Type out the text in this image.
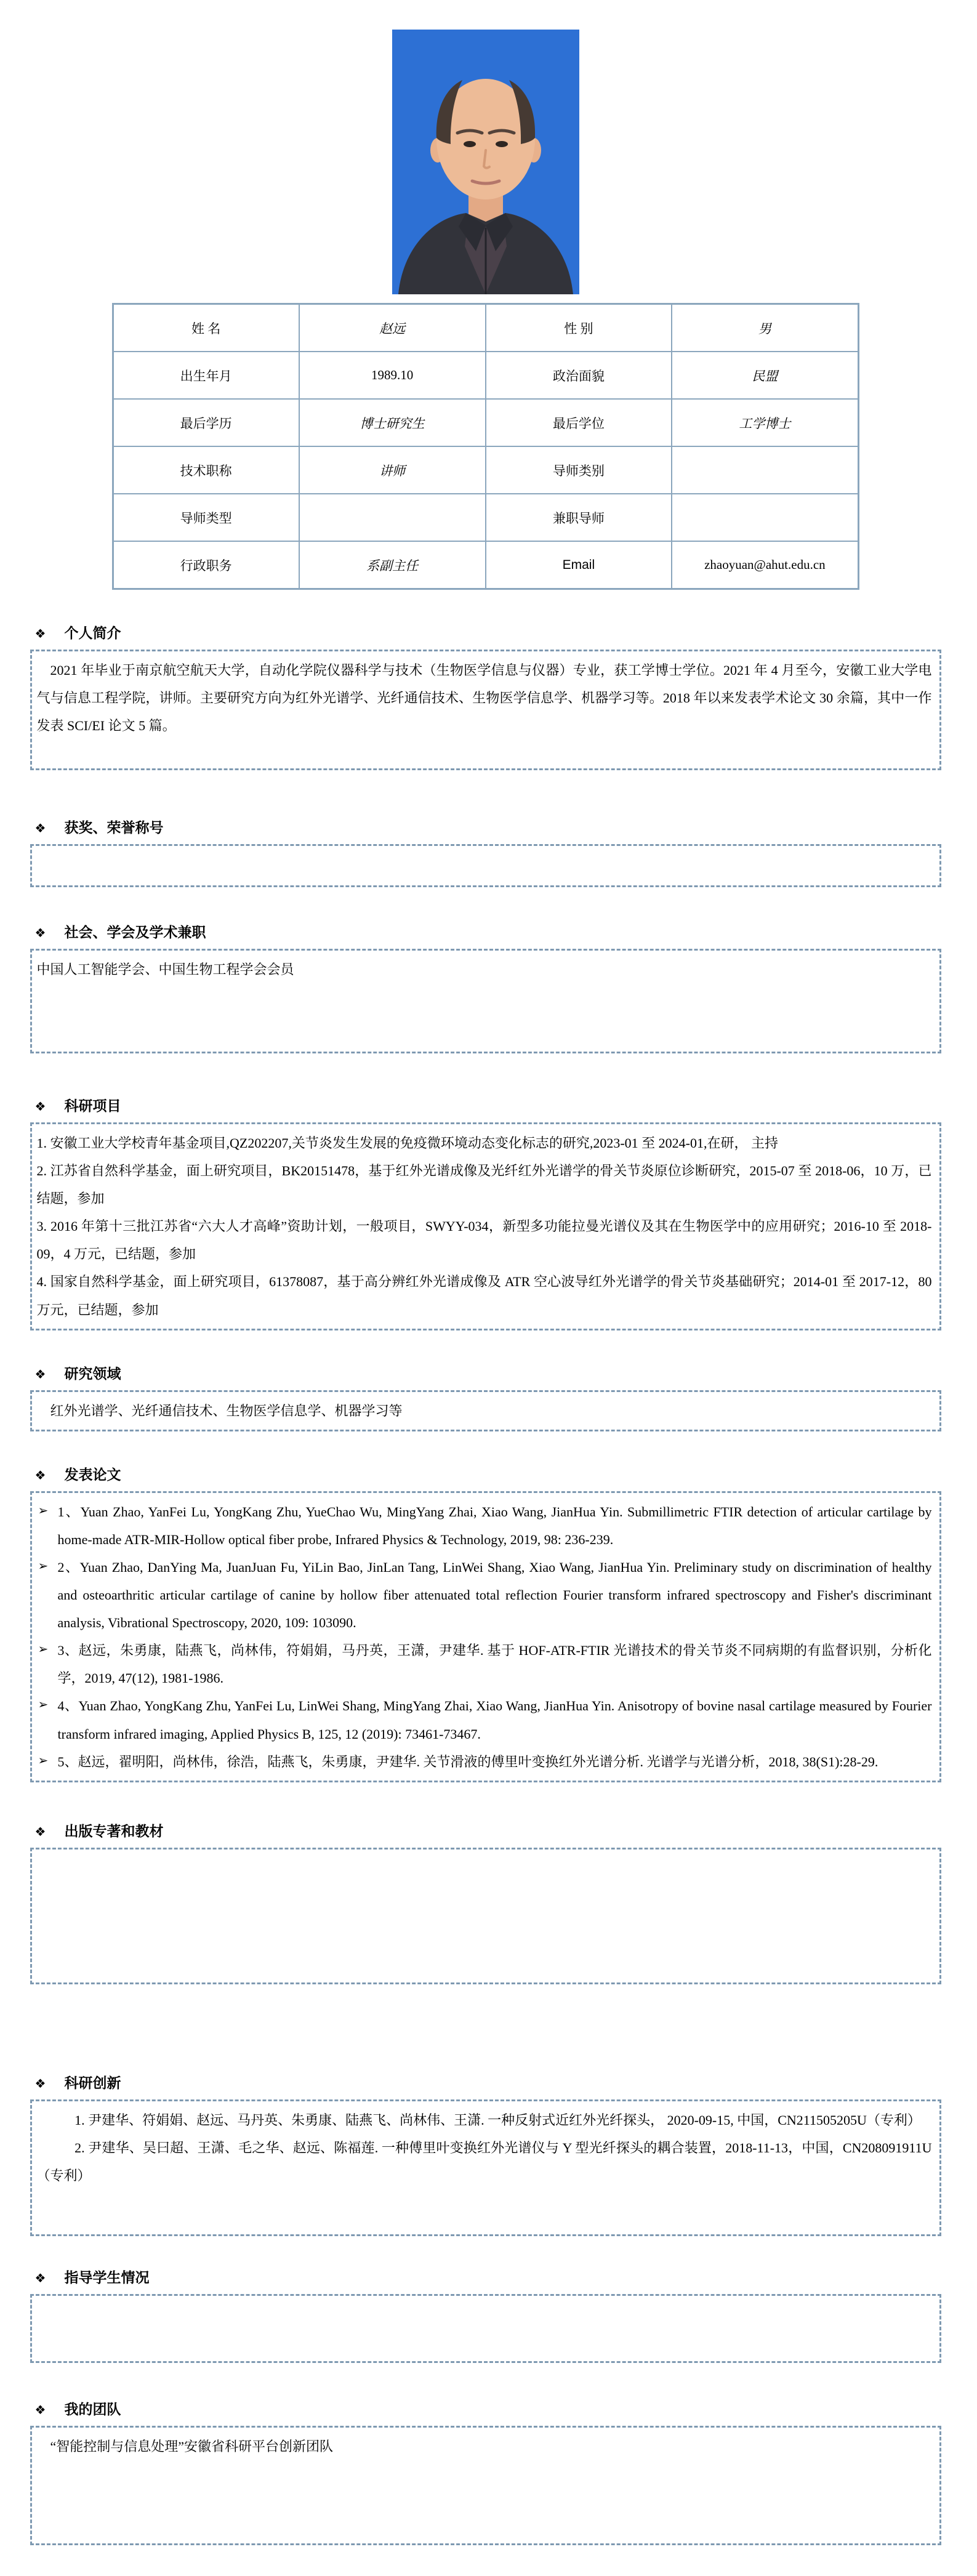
姓 名	赵远	性 别	男
出生年月	1989.10	政治面貌	民盟
最后学历	博士研究生	最后学位	工学博士
技术职称	讲师	导师类别	
导师类型		兼职导师	
行政职务	系副主任	Email	zhaoyuan@ahut.edu.cn
❖ 个人简介

2021 年毕业于南京航空航天大学，自动化学院仪器科学与技术（生物医学信息与仪器）专业，获工学博士学位。2021 年 4 月至今，安徽工业大学电气与信息工程学院，讲师。主要研究方向为红外光谱学、光纤通信技术、生物医学信息学、机器学习等。2018 年以来发表学术论文 30 余篇，其中一作发表 SCI/EI 论文 5 篇。

❖ 获奖、荣誉称号
❖ 社会、学会及学术兼职

中国人工智能学会、中国生物工程学会会员

❖ 科研项目

1. 安徽工业大学校青年基金项目,QZ202207,关节炎发生发展的免疫微环境动态变化标志的研究,2023-01 至 2024-01,在研， 主持

2. 江苏省自然科学基金，面上研究项目，BK20151478，基于红外光谱成像及光纤红外光谱学的骨关节炎原位诊断研究，2015-07 至 2018-06，10 万，已结题，参加

3. 2016 年第十三批江苏省“六大人才高峰”资助计划，一般项目，SWYY-034，新型多功能拉曼光谱仪及其在生物医学中的应用研究；2016-10 至 2018-09，4 万元，已结题，参加

4. 国家自然科学基金，面上研究项目，61378087，基于高分辨红外光谱成像及 ATR 空心波导红外光谱学的骨关节炎基础研究；2014-01 至 2017-12，80 万元，已结题，参加

❖ 研究领域

红外光谱学、光纤通信技术、生物医学信息学、机器学习等

❖ 发表论文

➢ 1、Yuan Zhao, YanFei Lu, YongKang Zhu, YueChao Wu, MingYang Zhai, Xiao Wang, JianHua Yin. Submillimetric FTIR detection of articular cartilage by home-made ATR-MIR-Hollow optical fiber probe, Infrared Physics & Technology, 2019, 98: 236-239.

➢ 2、Yuan Zhao, DanYing Ma, JuanJuan Fu, YiLin Bao, JinLan Tang, LinWei Shang, Xiao Wang, JianHua Yin. Preliminary study on discrimination of healthy and osteoarthritic articular cartilage of canine by hollow fiber attenuated total reflection Fourier transform infrared spectroscopy and Fisher's discriminant analysis, Vibrational Spectroscopy, 2020, 109: 103090.

➢ 3、赵远，朱勇康，陆燕飞，尚林伟，符娟娟，马丹英，王潇，尹建华. 基于 HOF-ATR-FTIR 光谱技术的骨关节炎不同病期的有监督识别，分析化学，2019, 47(12), 1981-1986.

➢ 4、Yuan Zhao, YongKang Zhu, YanFei Lu, LinWei Shang, MingYang Zhai, Xiao Wang, JianHua Yin. Anisotropy of bovine nasal cartilage measured by Fourier transform infrared imaging, Applied Physics B, 125, 12 (2019): 73461-73467.

➢ 5、赵远，翟明阳，尚林伟，徐浩，陆燕飞，朱勇康，尹建华. 关节滑液的傅里叶变换红外光谱分析. 光谱学与光谱分析，2018, 38(S1):28-29.

❖ 出版专著和教材
❖ 科研创新

1. 尹建华、符娟娟、赵远、马丹英、朱勇康、陆燕飞、尚林伟、王潇. 一种反射式近红外光纤探头， 2020-09-15, 中国，CN211505205U（专利）

2. 尹建华、吴曰超、王潇、毛之华、赵远、陈福莲. 一种傅里叶变换红外光谱仪与 Y 型光纤探头的耦合装置，2018-11-13，中国，CN208091911U（专利）

❖ 指导学生情况
❖ 我的团队

“智能控制与信息处理”安徽省科研平台创新团队
